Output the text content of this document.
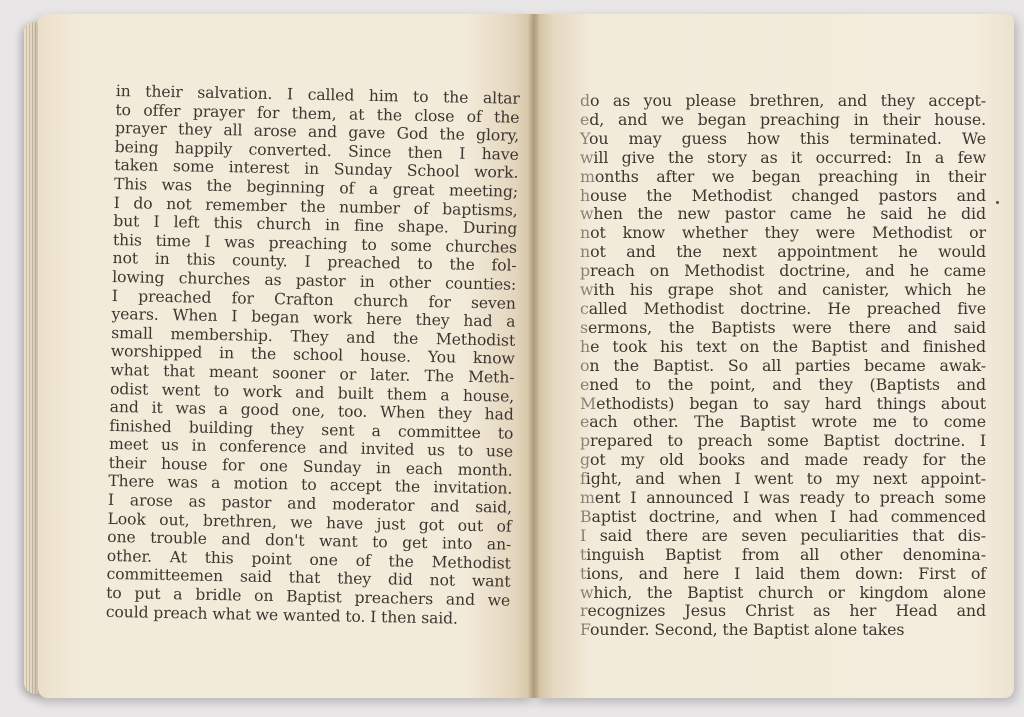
in their salvation. I called him to the altar
to offer prayer for them, at the close of the
prayer they all arose and gave God the glory,
being happily converted. Since then I have
taken some interest in Sunday School work.
This was the beginning of a great meeting;
I do not remember the number of baptisms,
but I left this church in fine shape. During
this time I was preaching to some churches
not in this county. I preached to the fol-
lowing churches as pastor in other counties:
I preached for Crafton church for seven
years. When I began work here they had a
small membership. They and the Methodist
worshipped in the school house. You know
what that meant sooner or later. The Meth-
odist went to work and built them a house,
and it was a good one, too. When they had
finished building they sent a committee to
meet us in conference and invited us to use
their house for one Sunday in each month.
There was a motion to accept the invitation.
I arose as pastor and moderator and said,
Look out, brethren, we have just got out of
one trouble and don't want to get into an-
other. At this point one of the Methodist
committeemen said that they did not want
to put a bridle on Baptist preachers and we
could preach what we wanted to. I then said.
do as you please brethren, and they accept-
ed, and we began preaching in their house.
You may guess how this terminated. We
will give the story as it occurred: In a few
months after we began preaching in their
house the Methodist changed pastors and
when the new pastor came he said he did
not know whether they were Methodist or
not and the next appointment he would
preach on Methodist doctrine, and he came
with his grape shot and canister, which he
called Methodist doctrine. He preached five
sermons, the Baptists were there and said
he took his text on the Baptist and finished
on the Baptist. So all parties became awak-
ened to the point, and they (Baptists and
Methodists) began to say hard things about
each other. The Baptist wrote me to come
prepared to preach some Baptist doctrine. I
got my old books and made ready for the
fight, and when I went to my next appoint-
ment I announced I was ready to preach some
Baptist doctrine, and when I had commenced
I said there are seven peculiarities that dis-
tinguish Baptist from all other denomina-
tions, and here I laid them down: First of
which, the Baptist church or kingdom alone
recognizes Jesus Christ as her Head and
Founder. Second, the Baptist alone takes
